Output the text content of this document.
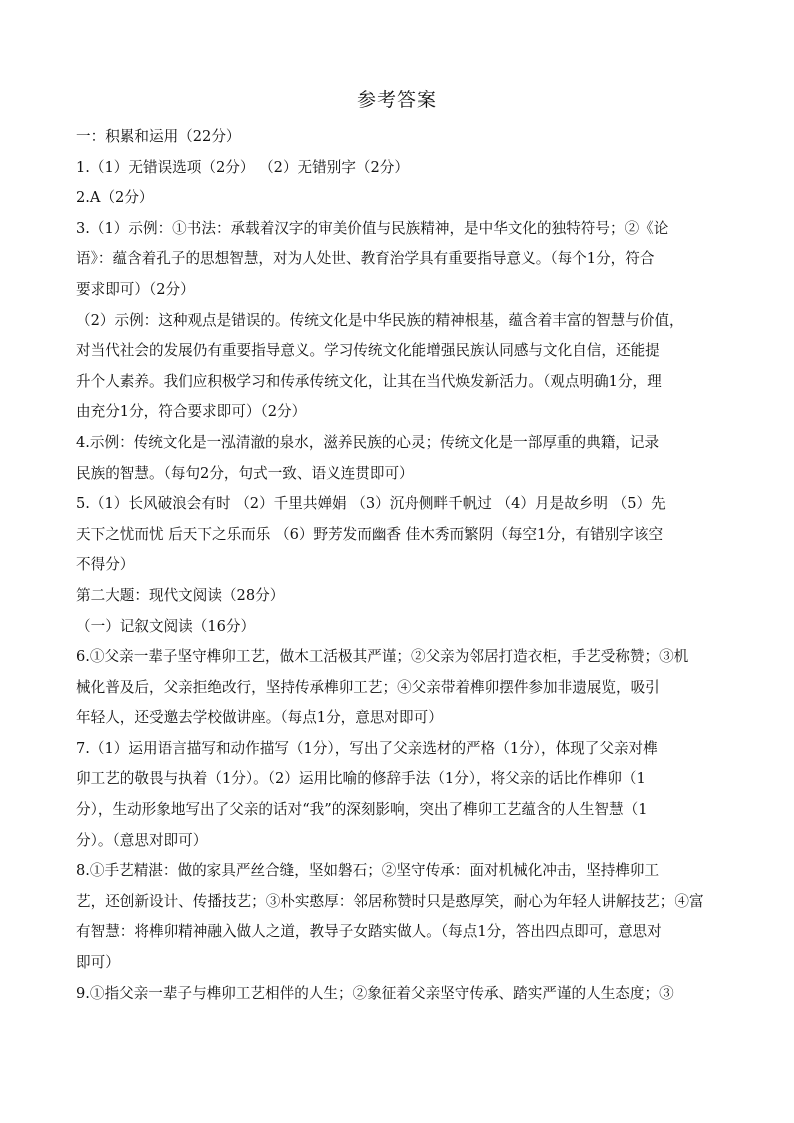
参考答案
一：积累和运用（22分）
1.（1）无错误选项（2分） （2）无错别字（2分）
2.A（2分）
3.（1）示例：①书法：承载着汉字的审美价值与民族精神，是中华文化的独特符号；②《论
语》：蕴含着孔子的思想智慧，对为人处世、教育治学具有重要指导意义。（每个1分，符合
要求即可）（2分）
（2）示例：这种观点是错误的。传统文化是中华民族的精神根基，蕴含着丰富的智慧与价值，
对当代社会的发展仍有重要指导意义。学习传统文化能增强民族认同感与文化自信，还能提
升个人素养。我们应积极学习和传承传统文化，让其在当代焕发新活力。（观点明确1分，理
由充分1分，符合要求即可）（2分）
4.示例：传统文化是一泓清澈的泉水，滋养民族的心灵；传统文化是一部厚重的典籍，记录
民族的智慧。（每句2分，句式一致、语义连贯即可）
5.（1）长风破浪会有时 （2）千里共婵娟 （3）沉舟侧畔千帆过 （4）月是故乡明 （5）先
天下之忧而忧 后天下之乐而乐 （6）野芳发而幽香 佳木秀而繁阴（每空1分，有错别字该空
不得分）
第二大题：现代文阅读（28分）
（一）记叙文阅读（16分）
6.①父亲一辈子坚守榫卯工艺，做木工活极其严谨；②父亲为邻居打造衣柜，手艺受称赞；③机
械化普及后，父亲拒绝改行，坚持传承榫卯工艺；④父亲带着榫卯摆件参加非遗展览，吸引
年轻人，还受邀去学校做讲座。（每点1分，意思对即可）
7.（1）运用语言描写和动作描写（1分），写出了父亲选材的严格（1分），体现了父亲对榫
卯工艺的敬畏与执着（1分）。（2）运用比喻的修辞手法（1分），将父亲的话比作榫卯（1
分），生动形象地写出了父亲的话对“我”的深刻影响，突出了榫卯工艺蕴含的人生智慧（1
分）。（意思对即可）
8.①手艺精湛：做的家具严丝合缝，坚如磐石；②坚守传承：面对机械化冲击，坚持榫卯工
艺，还创新设计、传播技艺；③朴实憨厚：邻居称赞时只是憨厚笑，耐心为年轻人讲解技艺；④富
有智慧：将榫卯精神融入做人之道，教导子女踏实做人。（每点1分，答出四点即可，意思对
即可）
9.①指父亲一辈子与榫卯工艺相伴的人生；②象征着父亲坚守传承、踏实严谨的人生态度；③
